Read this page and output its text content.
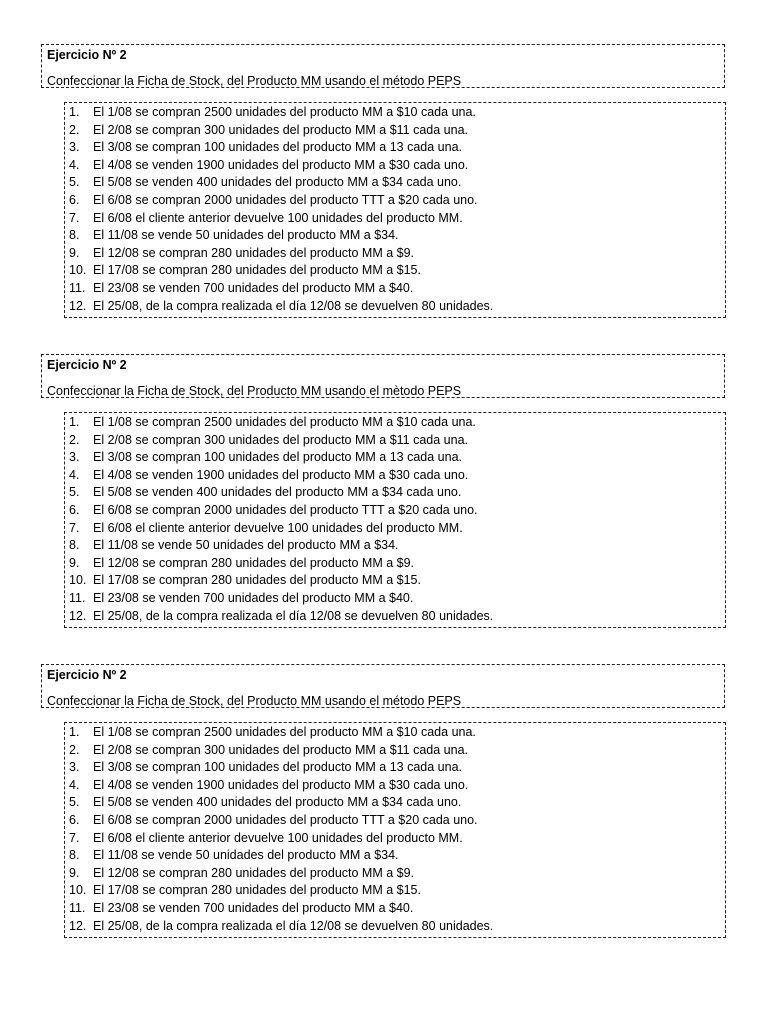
Ejercicio Nº 2
Confeccionar la Ficha de Stock, del Producto MM usando el método PEPS
1. El 1/08 se compran 2500 unidades del producto MM a $10 cada una.
2. El 2/08 se compran 300 unidades del producto MM a $11 cada una.
3. El 3/08 se compran 100 unidades del producto MM a 13 cada una.
4. El 4/08 se venden 1900 unidades del producto MM a $30 cada uno.
5. El 5/08 se venden 400 unidades del producto MM a $34 cada uno.
6. El 6/08 se compran 2000 unidades del producto TTT a $20 cada uno.
7. El 6/08 el cliente anterior devuelve 100 unidades del producto MM.
8. El 11/08 se vende 50 unidades del producto MM a $34.
9. El 12/08 se compran 280 unidades del producto MM a $9.
10. El 17/08 se compran 280 unidades del producto MM a $15.
11. El 23/08 se venden 700 unidades del producto MM a $40.
12. El 25/08, de la compra realizada el día 12/08 se devuelven 80 unidades.
Ejercicio Nº 2
Confeccionar la Ficha de Stock, del Producto MM usando el mètodo PEPS
1. El 1/08 se compran 2500 unidades del producto MM a $10 cada una.
2. El 2/08 se compran 300 unidades del producto MM a $11 cada una.
3. El 3/08 se compran 100 unidades del producto MM a 13 cada una.
4. El 4/08 se venden 1900 unidades del producto MM a $30 cada uno.
5. El 5/08 se venden 400 unidades del producto MM a $34 cada uno.
6. El 6/08 se compran 2000 unidades del producto TTT a $20 cada uno.
7. El 6/08 el cliente anterior devuelve 100 unidades del producto MM.
8. El 11/08 se vende 50 unidades del producto MM a $34.
9. El 12/08 se compran 280 unidades del producto MM a $9.
10. El 17/08 se compran 280 unidades del producto MM a $15.
11. El 23/08 se venden 700 unidades del producto MM a $40.
12. El 25/08, de la compra realizada el día 12/08 se devuelven 80 unidades.
Ejercicio Nº 2
Confeccionar la Ficha de Stock, del Producto MM usando el método PEPS
1. El 1/08 se compran 2500 unidades del producto MM a $10 cada una.
2. El 2/08 se compran 300 unidades del producto MM a $11 cada una.
3. El 3/08 se compran 100 unidades del producto MM a 13 cada una.
4. El 4/08 se venden 1900 unidades del producto MM a $30 cada uno.
5. El 5/08 se venden 400 unidades del producto MM a $34 cada uno.
6. El 6/08 se compran 2000 unidades del producto TTT a $20 cada uno.
7. El 6/08 el cliente anterior devuelve 100 unidades del producto MM.
8. El 11/08 se vende 50 unidades del producto MM a $34.
9. El 12/08 se compran 280 unidades del producto MM a $9.
10. El 17/08 se compran 280 unidades del producto MM a $15.
11. El 23/08 se venden 700 unidades del producto MM a $40.
12. El 25/08, de la compra realizada el día 12/08 se devuelven 80 unidades.
